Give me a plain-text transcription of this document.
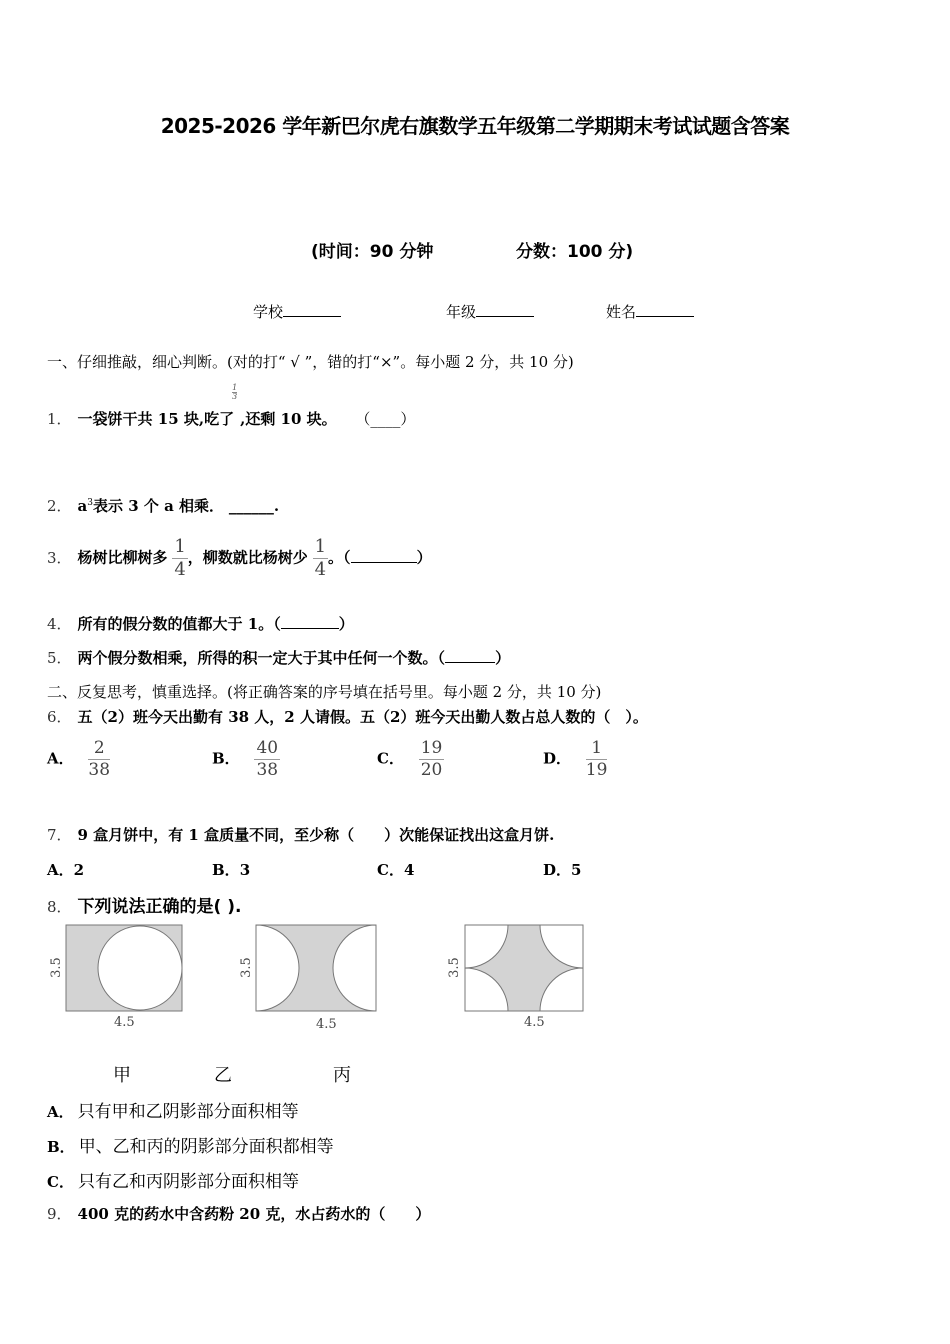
2025-2026 学年新巴尔虎右旗数学五年级第二学期期末考试试题含答案
(时间：90 分钟	分数：100 分)
学校	年级	姓名
一、仔细推敲，细心判断。(对的打“ √ ”，错的打“×”。每小题 2 分，共 10 分)
1． 一袋饼干共 15 块,吃了
$\frac{1}{3}$
,还剩 10 块。 （____）
2． $a^3$表示 3 个 a 相乘． ______.
3． 杨树比柳树多 $\frac{1}{4}$ ，柳数就比杨树少 $\frac{1}{4}$ 。（	）
4． 所有的假分数的值都大于 1。（	）
5． 两个假分数相乘，所得的积一定大于其中任何一个数。（	）
二、反复思考，慎重选择。(将正确答案的序号填在括号里。每小题 2 分，共 10 分)
6． 五（2）班今天出勤有 38 人，2 人请假。五（2）班今天出勤人数占总人数的（　）。
A． $\frac{2}{38}$	B． $\frac{40}{38}$	C． $\frac{19}{20}$	D． $\frac{1}{19}$
7． 9 盒月饼中，有 1 盒质量不同，至少称（　　）次能保证找出这盒月饼.
A．2	B．3	C．4	D．5
8． 下列说法正确的是( ).
3.5
4.5
3.5
4.5
3.5
4.5
甲	乙	丙
A． 只有甲和乙阴影部分面积相等
B． 甲、乙和丙的阴影部分面积都相等
C． 只有乙和丙阴影部分面积相等
9． 400 克的药水中含药粉 20 克，水占药水的（　　）
